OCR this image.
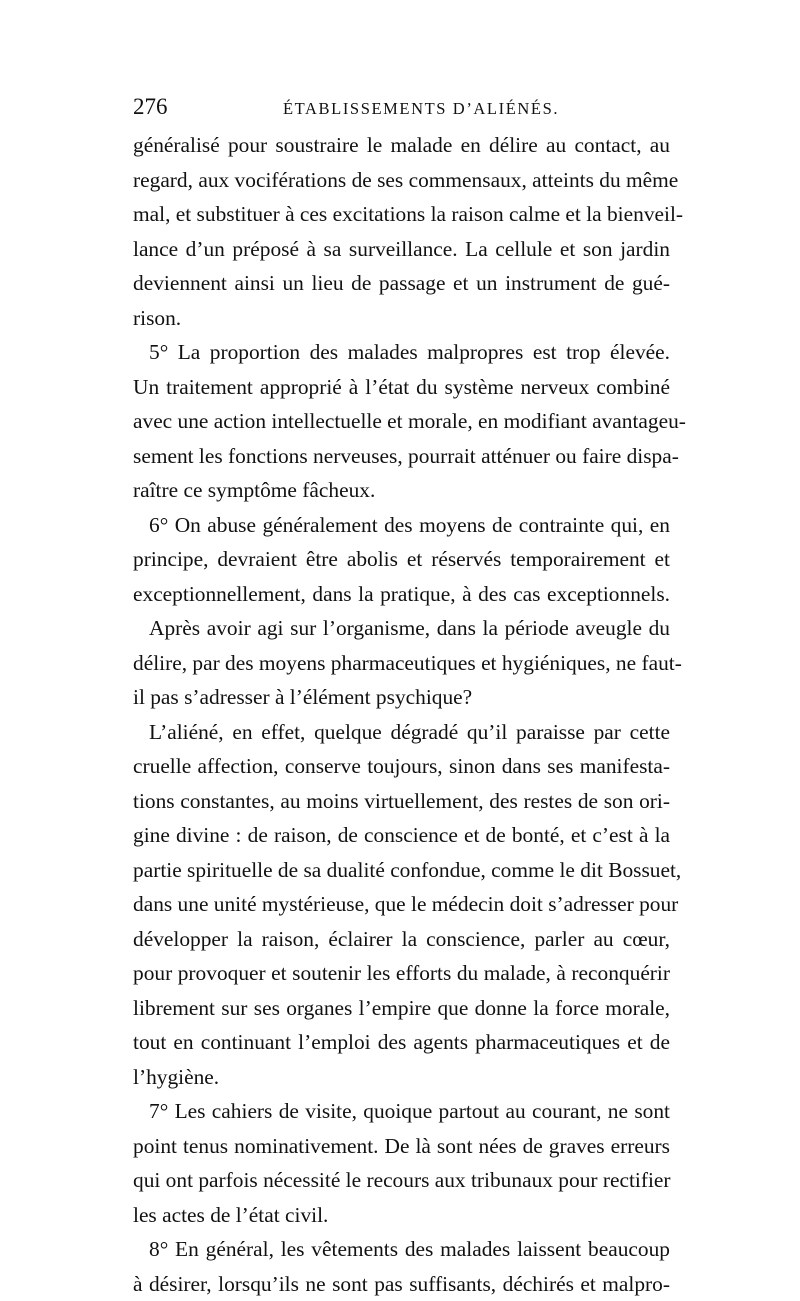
276	ÉTABLISSEMENTS D’ALIÉNÉS.
généralisé pour soustraire le malade en délire au contact, au
regard, aux vociférations de ses commensaux, atteints du même
mal, et substituer à ces excitations la raison calme et la bienveil-
lance d’un préposé à sa surveillance. La cellule et son jardin
deviennent ainsi un lieu de passage et un instrument de gué-
rison.
5° La proportion des malades malpropres est trop élevée.
Un traitement approprié à l’état du système nerveux combiné
avec une action intellectuelle et morale, en modifiant avantageu-
sement les fonctions nerveuses, pourrait atténuer ou faire dispa-
raître ce symptôme fâcheux.
6° On abuse généralement des moyens de contrainte qui, en
principe, devraient être abolis et réservés temporairement et
exceptionnellement, dans la pratique, à des cas exceptionnels.
Après avoir agi sur l’organisme, dans la période aveugle du
délire, par des moyens pharmaceutiques et hygiéniques, ne faut-
il pas s’adresser à l’élément psychique?
L’aliéné, en effet, quelque dégradé qu’il paraisse par cette
cruelle affection, conserve toujours, sinon dans ses manifesta-
tions constantes, au moins virtuellement, des restes de son ori-
gine divine : de raison, de conscience et de bonté, et c’est à la
partie spirituelle de sa dualité confondue, comme le dit Bossuet,
dans une unité mystérieuse, que le médecin doit s’adresser pour
développer la raison, éclairer la conscience, parler au cœur,
pour provoquer et soutenir les efforts du malade, à reconquérir
librement sur ses organes l’empire que donne la force morale,
tout en continuant l’emploi des agents pharmaceutiques et de
l’hygiène.
7° Les cahiers de visite, quoique partout au courant, ne sont
point tenus nominativement. De là sont nées de graves erreurs
qui ont parfois nécessité le recours aux tribunaux pour rectifier
les actes de l’état civil.
8° En général, les vêtements des malades laissent beaucoup
à désirer, lorsqu’ils ne sont pas suffisants, déchirés et malpro-
